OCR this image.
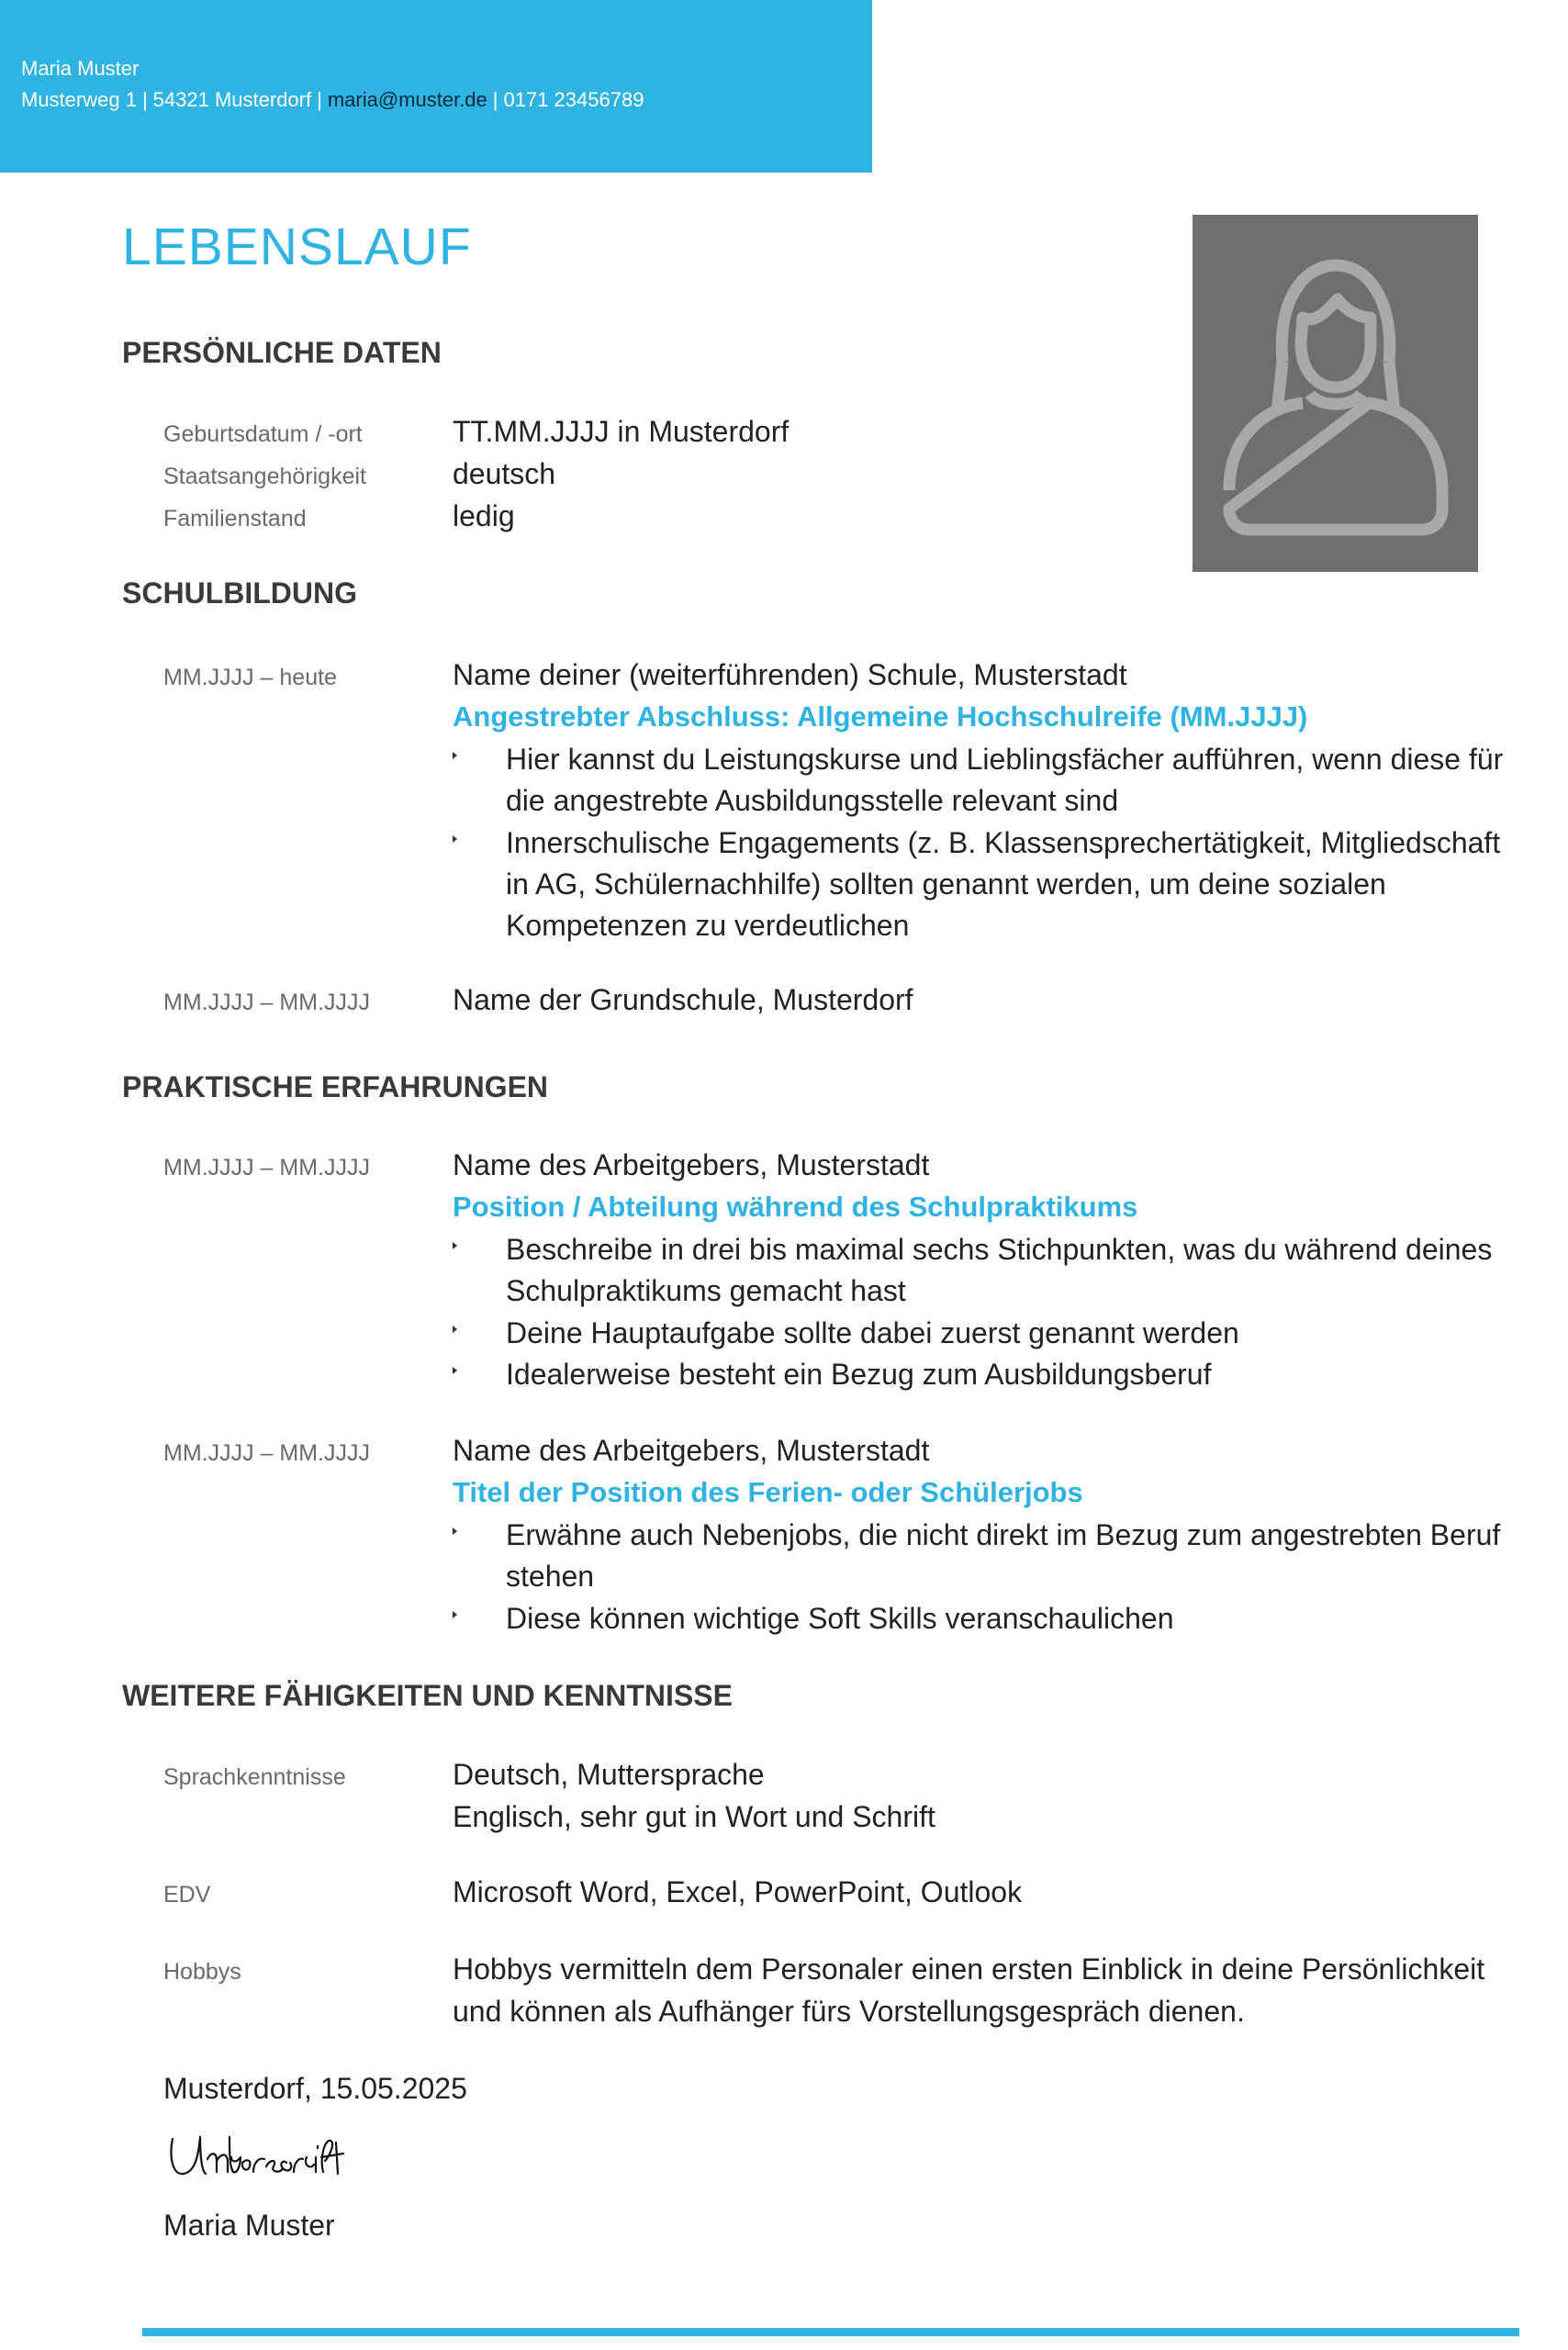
Maria Muster
Musterweg 1 | 54321 Musterdorf | maria@muster.de | 0171 23456789
LEBENSLAUF
PERSÖNLICHE DATEN
Geburtsdatum / -ort	TT.MM.JJJJ in Musterdorf
Staatsangehörigkeit	deutsch
Familienstand	ledig
SCHULBILDUNG
MM.JJJJ – heute	Name deiner (weiterführenden) Schule, Musterstadt
Angestrebter Abschluss: Allgemeine Hochschulreife (MM.JJJJ)
Hier kannst du Leistungskurse und Lieblingsfächer aufführen, wenn diese für die angestrebte Ausbildungsstelle relevant sind
Innerschulische Engagements (z. B. Klassensprechertätigkeit, Mitgliedschaft in AG, Schülernachhilfe) sollten genannt werden, um deine sozialen Kompetenzen zu verdeutlichen
MM.JJJJ – MM.JJJJ	Name der Grundschule, Musterdorf
PRAKTISCHE ERFAHRUNGEN
MM.JJJJ – MM.JJJJ	Name des Arbeitgebers, Musterstadt
Position / Abteilung während des Schulpraktikums
Beschreibe in drei bis maximal sechs Stichpunkten, was du während deines Schulpraktikums gemacht hast
Deine Hauptaufgabe sollte dabei zuerst genannt werden
Idealerweise besteht ein Bezug zum Ausbildungsberuf
MM.JJJJ – MM.JJJJ	Name des Arbeitgebers, Musterstadt
Titel der Position des Ferien- oder Schülerjobs
Erwähne auch Nebenjobs, die nicht direkt im Bezug zum angestrebten Beruf stehen
Diese können wichtige Soft Skills veranschaulichen
WEITERE FÄHIGKEITEN UND KENNTNISSE
Sprachkenntnisse	Deutsch, Muttersprache
Englisch, sehr gut in Wort und Schrift
EDV	Microsoft Word, Excel, PowerPoint, Outlook
Hobbys	Hobbys vermitteln dem Personaler einen ersten Einblick in deine Persönlichkeit
und können als Aufhänger fürs Vorstellungsgespräch dienen.
Musterdorf, 15.05.2025
Maria Muster
